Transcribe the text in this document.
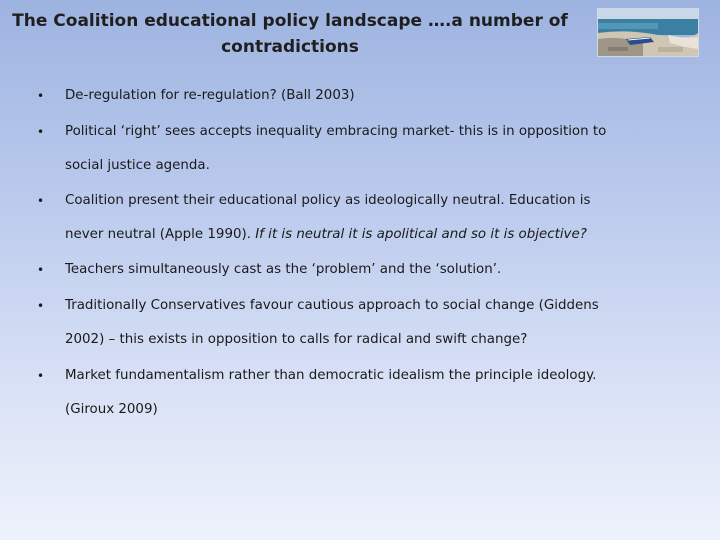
The Coalition educational policy landscape ….a number of
contradictions
• De-regulation for re-regulation? (Ball 2003)
• Political ‘right’ sees accepts inequality embracing market- this is in opposition to
social justice agenda.
• Coalition present their educational policy as ideologically neutral. Education is
never neutral (Apple 1990). If it is neutral it is apolitical and so it is objective?
• Teachers simultaneously cast as the ‘problem’ and the ‘solution’.
• Traditionally Conservatives favour cautious approach to social change (Giddens
2002) – this exists in opposition to calls for radical and swift change?
• Market fundamentalism rather than democratic idealism the principle ideology.
(Giroux 2009)
